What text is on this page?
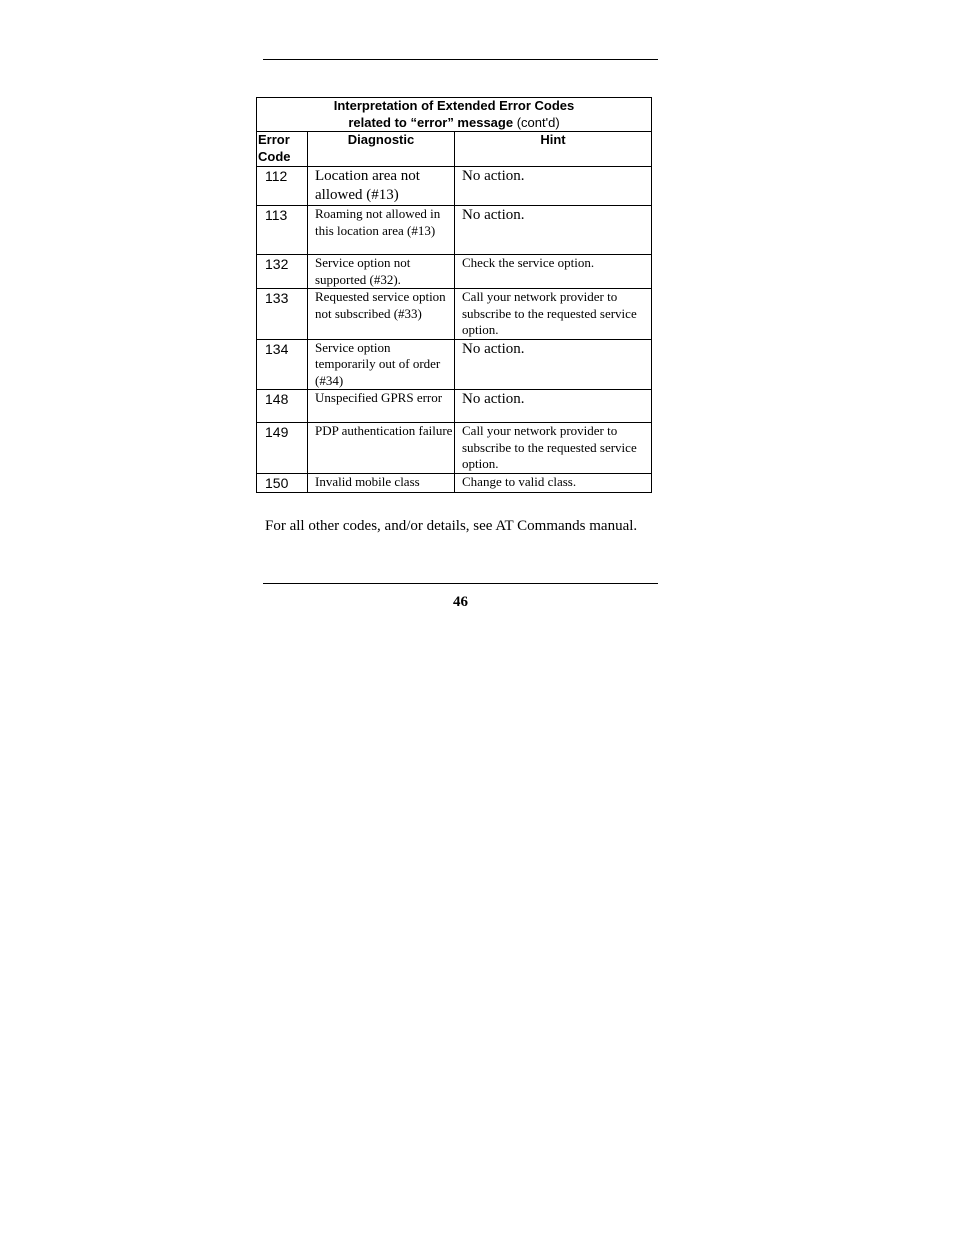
Interpretation of Extended Error Codes
related to “error” message (cont'd)		
Error
Code	Diagnostic	Hint
112	Location area not allowed (#13)	No action.
113	Roaming not allowed in this location area (#13)	No action.
132	Service option not supported (#32).	Check the service option.
133	Requested service option not subscribed (#33)	Call your network provider to subscribe to the requested service option.
134	Service option temporarily out of order (#34)	No action.
148	Unspecified GPRS error	No action.
149	PDP authentication failure	Call your network provider to subscribe to the requested service option.
150	Invalid mobile class	Change to valid class.
For all other codes, and/or details, see AT Commands manual.
46
